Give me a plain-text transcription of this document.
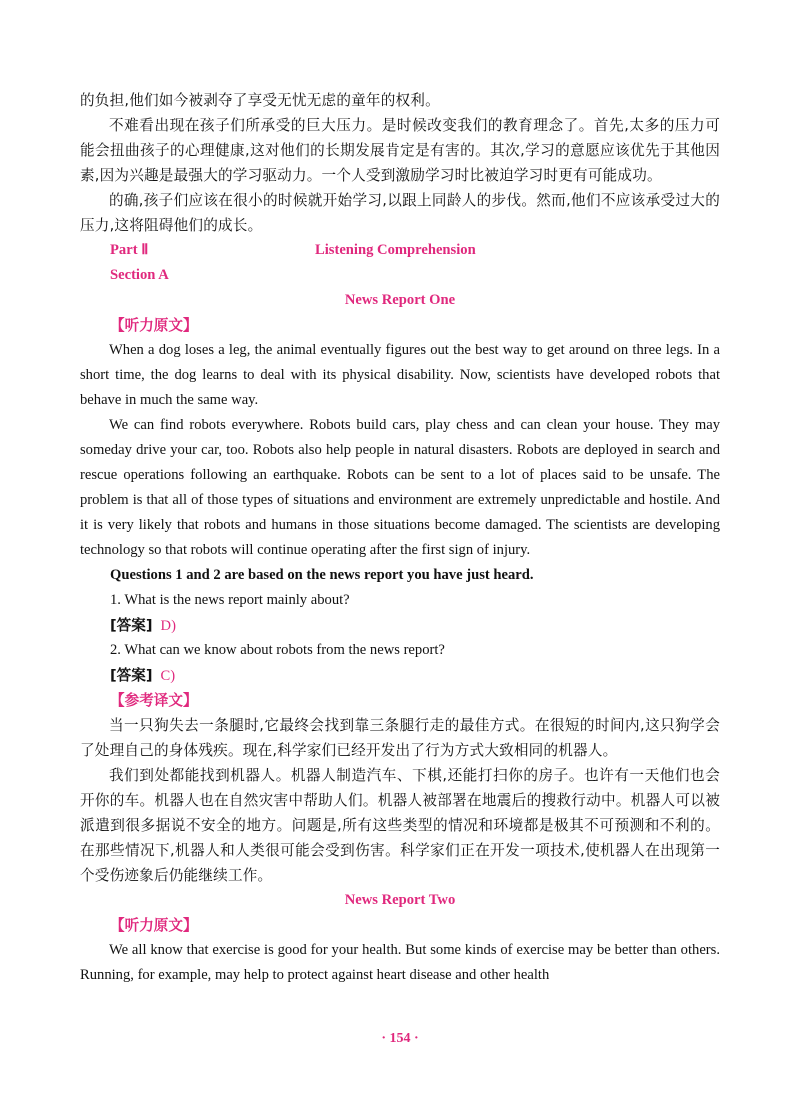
的负担,他们如今被剥夺了享受无忧无虑的童年的权利。

不难看出现在孩子们所承受的巨大压力。是时候改变我们的教育理念了。首先,太多的压力可能会扭曲孩子的心理健康,这对他们的长期发展肯定是有害的。其次,学习的意愿应该优先于其他因素,因为兴趣是最强大的学习驱动力。一个人受到激励学习时比被迫学习时更有可能成功。

的确,孩子们应该在很小的时候就开始学习,以跟上同龄人的步伐。然而,他们不应该承受过大的压力,这将阻碍他们的成长。

Part Ⅱ	Listening Comprehension
Section A
News Report One
【听力原文】

When a dog loses a leg, the animal eventually figures out the best way to get around on three legs. In a short time, the dog learns to deal with its physical disability. Now, scientists have developed robots that behave in much the same way.

We can find robots everywhere. Robots build cars, play chess and can clean your house. They may someday drive your car, too. Robots also help people in natural disasters. Robots are deployed in search and rescue operations following an earthquake. Robots can be sent to a lot of places said to be unsafe. The problem is that all of those types of situations and environment are extremely unpredictable and hostile. And it is very likely that robots and humans in those situations become damaged. The scientists are developing technology so that robots will continue operating after the first sign of injury.

Questions 1 and 2 are based on the news report you have just heard.
1. What is the news report mainly about?
[答案] D)
2. What can we know about robots from the news report?
[答案] C)
【参考译文】

当一只狗失去一条腿时,它最终会找到靠三条腿行走的最佳方式。在很短的时间内,这只狗学会了处理自己的身体残疾。现在,科学家们已经开发出了行为方式大致相同的机器人。

我们到处都能找到机器人。机器人制造汽车、下棋,还能打扫你的房子。也许有一天他们也会开你的车。机器人也在自然灾害中帮助人们。机器人被部署在地震后的搜救行动中。机器人可以被派遣到很多据说不安全的地方。问题是,所有这些类型的情况和环境都是极其不可预测和不利的。在那些情况下,机器人和人类很可能会受到伤害。科学家们正在开发一项技术,使机器人在出现第一个受伤迹象后仍能继续工作。

News Report Two
【听力原文】

We all know that exercise is good for your health. But some kinds of exercise may be better than others. Running, for example, may help to protect against heart disease and other health

· 154 ·
